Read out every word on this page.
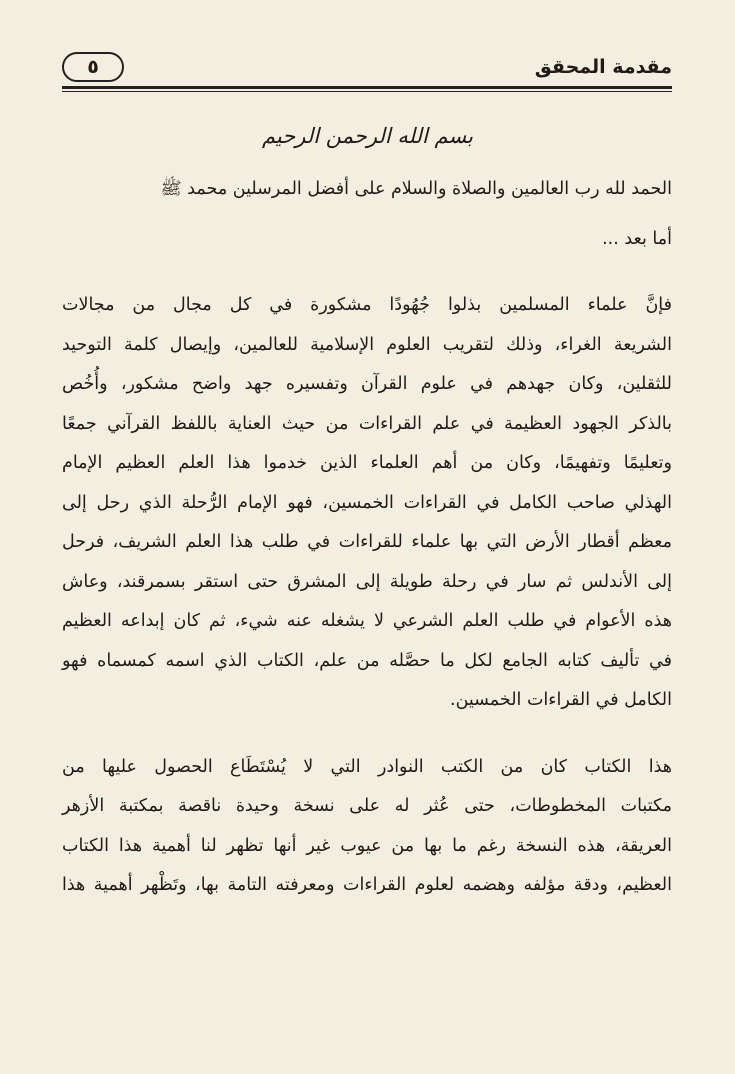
٥	مقدمة المحقق
بسم الله الرحمن الرحيم

الحمد لله رب العالمين والصلاة والسلام على أفضل المرسلين محمد ﷺ

أما بعد ...

فإنَّ علماء المسلمين بذلوا جُهُودًا مشكورة في كل مجال من مجالات
الشريعة الغراء، وذلك لتقريب العلوم الإسلامية للعالمين، وإيصال كلمة التوحيد
للثقلين، وكان جهدهم في علوم القرآن وتفسيره جهد واضح مشكور، وأُخُص
بالذكر الجهود العظيمة في علم القراءات من حيث العناية باللفظ القرآني جمعًا
وتعليمًا وتفهيمًا، وكان من أهم العلماء الذين خدموا هذا العلم العظيم الإمام
الهذلي صاحب الكامل في القراءات الخمسين، فهو الإمام الرُّحلة الذي رحل إلى
معظم أقطار الأرض التي بها علماء للقراءات في طلب هذا العلم الشريف، فرحل
إلى الأندلس ثم سار في رحلة طويلة إلى المشرق حتى استقر بسمرقند، وعاش
هذه الأعوام في طلب العلم الشرعي لا يشغله عنه شيء، ثم كان إبداعه العظيم
في تأليف كتابه الجامع لكل ما حصَّله من علم، الكتاب الذي اسمه كمسماه فهو
الكامل في القراءات الخمسين.

هذا الكتاب كان من الكتب النوادر التي لا يُسْتَطَاع الحصول عليها من
مكتبات المخطوطات، حتى عُثر له على نسخة وحيدة ناقصة بمكتبة الأزهر
العريقة، هذه النسخة رغم ما بها من عيوب غير أنها تظهر لنا أهمية هذا الكتاب
العظيم، ودقة مؤلفه وهضمه لعلوم القراءات ومعرفته التامة بها، وتَظْهر أهمية هذا
